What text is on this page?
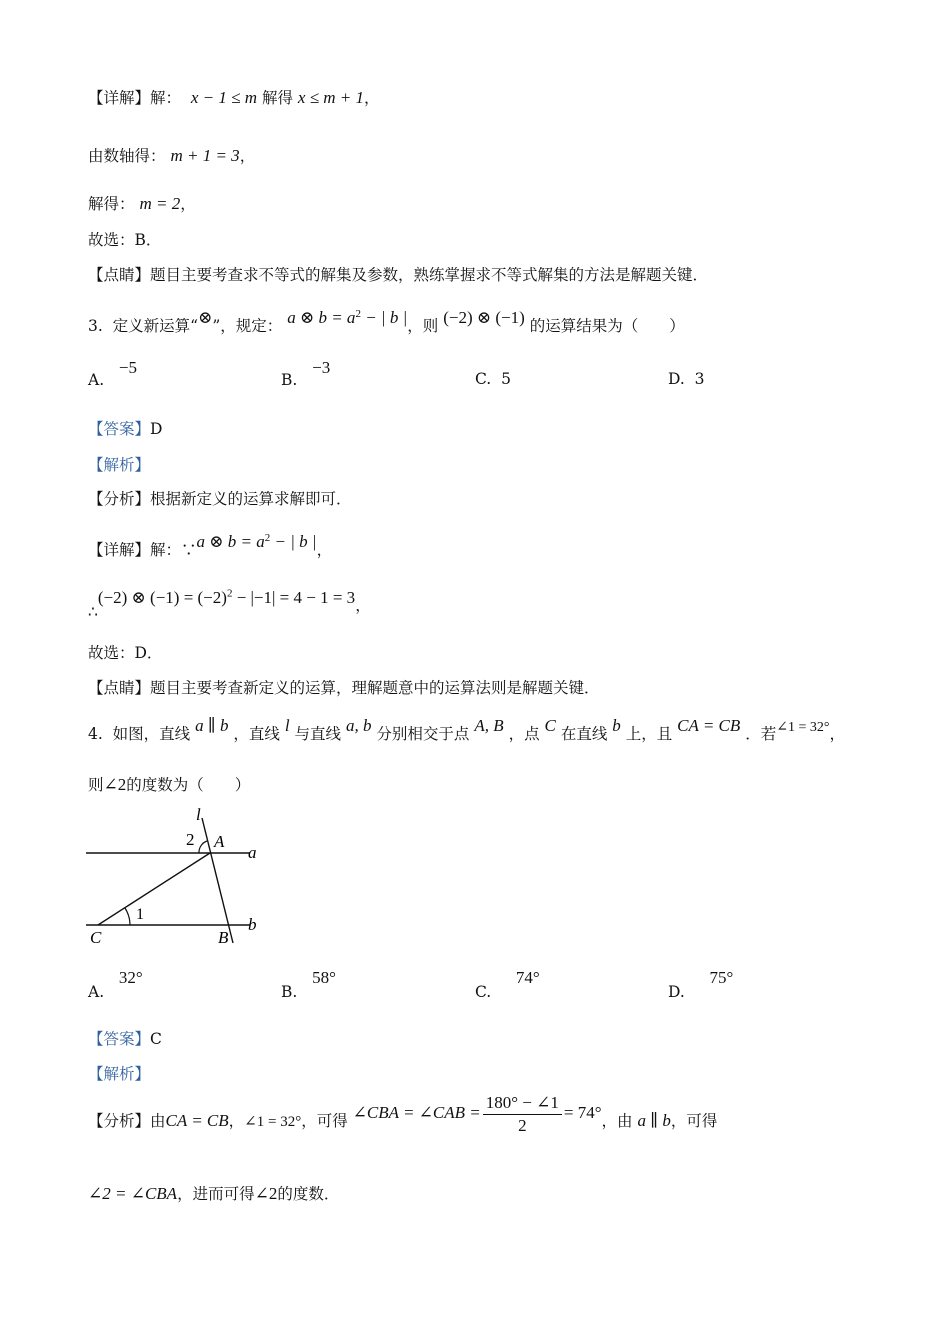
【详解】解： x − 1 ≤ m 解得 x ≤ m + 1，
由数轴得： m + 1 = 3，
解得： m = 2，
故选：B．
【点睛】题目主要考查求不等式的解集及参数，熟练掌握求不等式解集的方法是解题关键．
3. 定义新运算“⊗”，规定： a ⊗ $b = a^2$ − | b |，则 (−2) ⊗ (−1) 的运算结果为（　　）
A.   −5
B.   −3
C. 5	D. 3
【答案】D
【解析】
【分析】根据新定义的运算求解即可．
【详解】解：∵a ⊗ $b = a^2$ − | b |，
∴(−2) ⊗ $(-1) = (-2)^2 - |-1| = 4 - 1 = 3$，
故选：D．
【点睛】题目主要考查新定义的运算，理解题意中的运算法则是解题关键．
4. 如图，直线 a ∥ b ，直线 l 与直线 a, b 分别相交于点 A, B ，点 C 在直线 b 上，且 CA = CB ．若∠1 = 32°，
则∠2的度数为（　　）
l
2 A
a
1
C	B
b
A.   32°
B.   58°
C.     74°
D.     75°
【答案】C
【解析】
【分析】由CA = CB，∠1 = 32°，可得 ∠CBA = ∠CAB = $\frac{180^\circ - \angle 1}{2} = 74^\circ$，由 a ∥ b，可得
∠2 = ∠CBA，进而可得∠2的度数．
